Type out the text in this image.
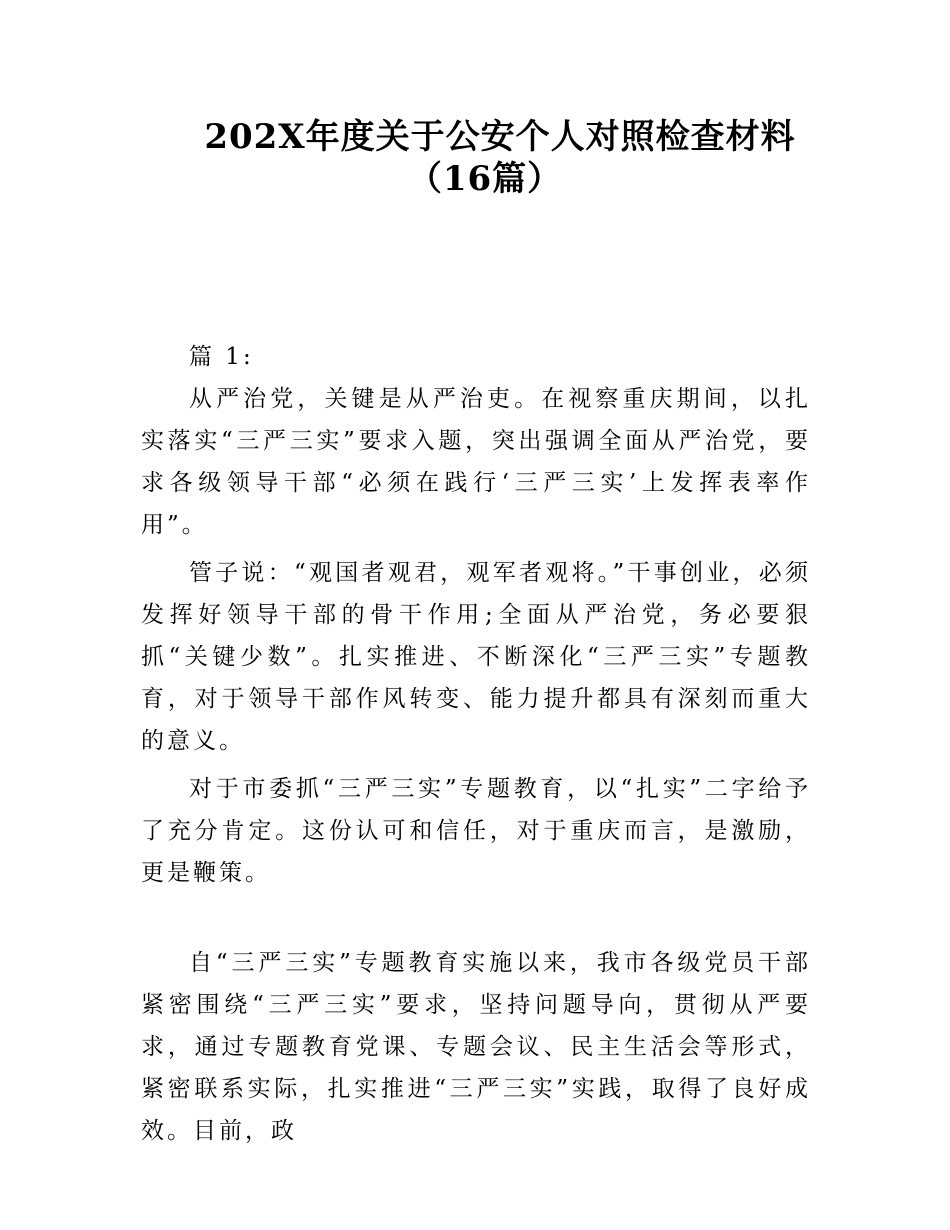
202X年度关于公安个人对照检查材料
（16篇）

篇 1:

从严治党，关键是从严治吏。在视察重庆期间，以扎实落实“三严三实”要求入题，突出强调全面从严治党，要求各级领导干部“必须在践行‘三严三实’上发挥表率作用”。

管子说：“观国者观君，观军者观将。”干事创业，必须发挥好领导干部的骨干作用;全面从严治党，务必要狠抓“关键少数”。扎实推进、不断深化“三严三实”专题教育，对于领导干部作风转变、能力提升都具有深刻而重大的意义。

对于市委抓“三严三实”专题教育，以“扎实”二字给予了充分肯定。这份认可和信任，对于重庆而言，是激励，更是鞭策。

自“三严三实”专题教育实施以来，我市各级党员干部紧密围绕“三严三实”要求，坚持问题导向，贯彻从严要求，通过专题教育党课、专题会议、民主生活会等形式，紧密联系实际，扎实推进“三严三实”实践，取得了良好成效。目前，政
